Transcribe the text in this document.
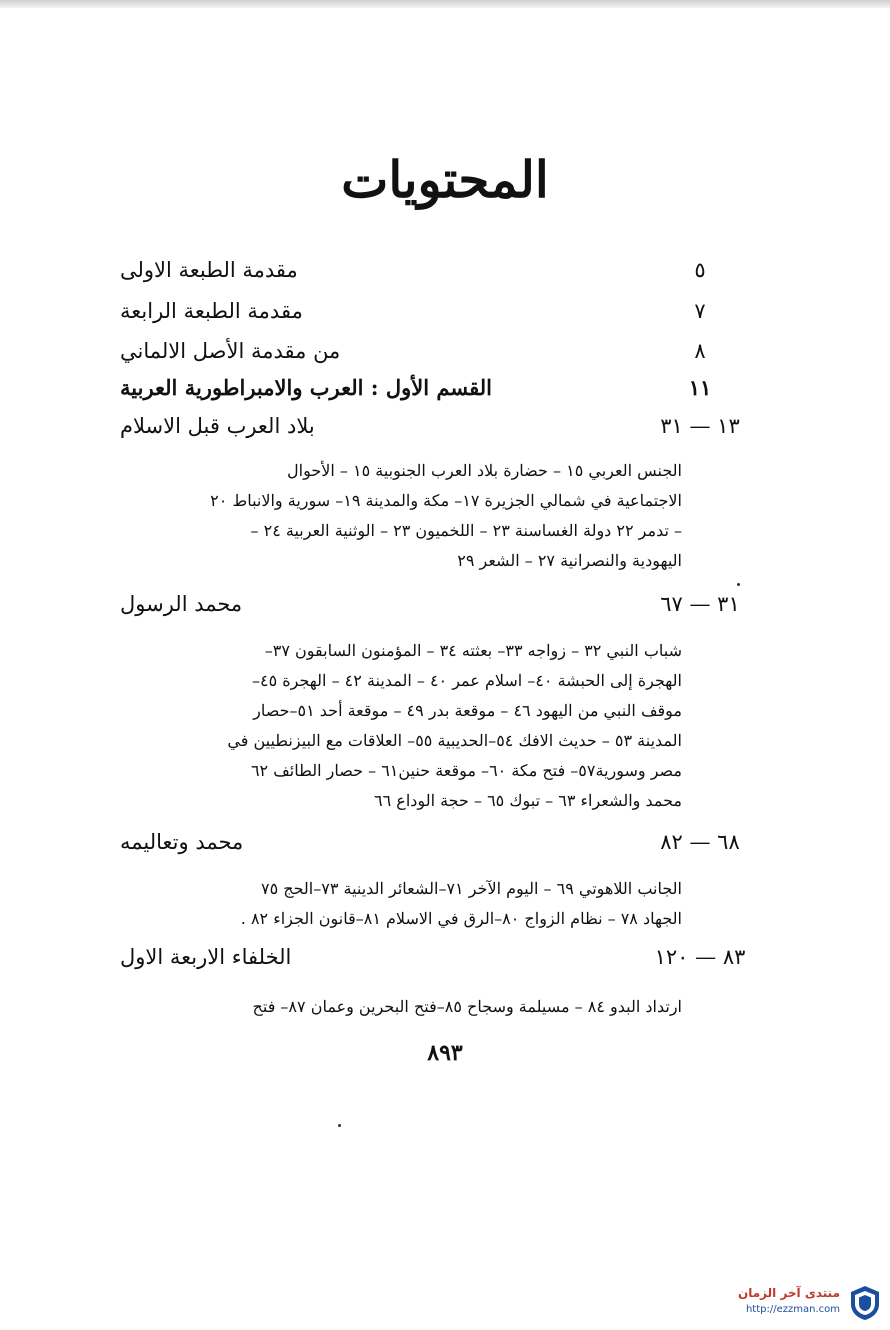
المحتويات
مقدمة الطبعة الاولى	٥
مقدمة الطبعة الرابعة	٧
من مقدمة الأصل الالماني	٨
القسم الأول : العرب والامبراطورية العربية	١١
بلاد العرب قبل الاسلام	١٣ — ٣١
الجنس العربي ١٥ – حضارة بلاد العرب الجنوبية ١٥ – الأحوال
الاجتماعية في شمالي الجزيرة ١٧– مكة والمدينة ١٩– سورية والانباط ٢٠
– تدمر ٢٢ دولة الغساسنة ٢٣ – اللخميون ٢٣ – الوثنية العربية ٢٤ –
اليهودية والنصرانية ٢٧ – الشعر ٢٩
محمد الرسول	٣١ — ٦٧
شباب النبي ٣٢ – زواجه ٣٣– بعثته ٣٤ – المؤمنون السابقون ٣٧–
الهجرة إلى الحبشة ٤٠– اسلام عمر ٤٠ – المدينة ٤٢ – الهجرة ٤٥–
موقف النبي من اليهود ٤٦ – موقعة بدر ٤٩ – موقعة أحد ٥١–حصار
المدينة ٥٣ – حديث الافك ٥٤–الحديبية ٥٥– العلاقات مع البيزنطيين في
مصر وسورية٥٧– فتح مكة ٦٠– موقعة حنين٦١ – حصار الطائف ٦٢
محمد والشعراء ٦٣ – تبوك ٦٥ – حجة الوداع ٦٦
محمد وتعاليمه	٦٨ — ٨٢
الجانب اللاهوتي ٦٩ – اليوم الآخر ٧١–الشعائر الدينية ٧٣–الحج ٧٥
الجهاد ٧٨ – نظام الزواج ٨٠–الرق في الاسلام ٨١–قانون الجزاء ٨٢ .
الخلفاء الاربعة الاول	٨٣ — ١٢٠
ارتداد البدو ٨٤ – مسيلمة وسجاح ٨٥–فتح البحرين وعمان ٨٧– فتح
٨٩٣
منتدى آخر الزمان
http://ezzman.com
